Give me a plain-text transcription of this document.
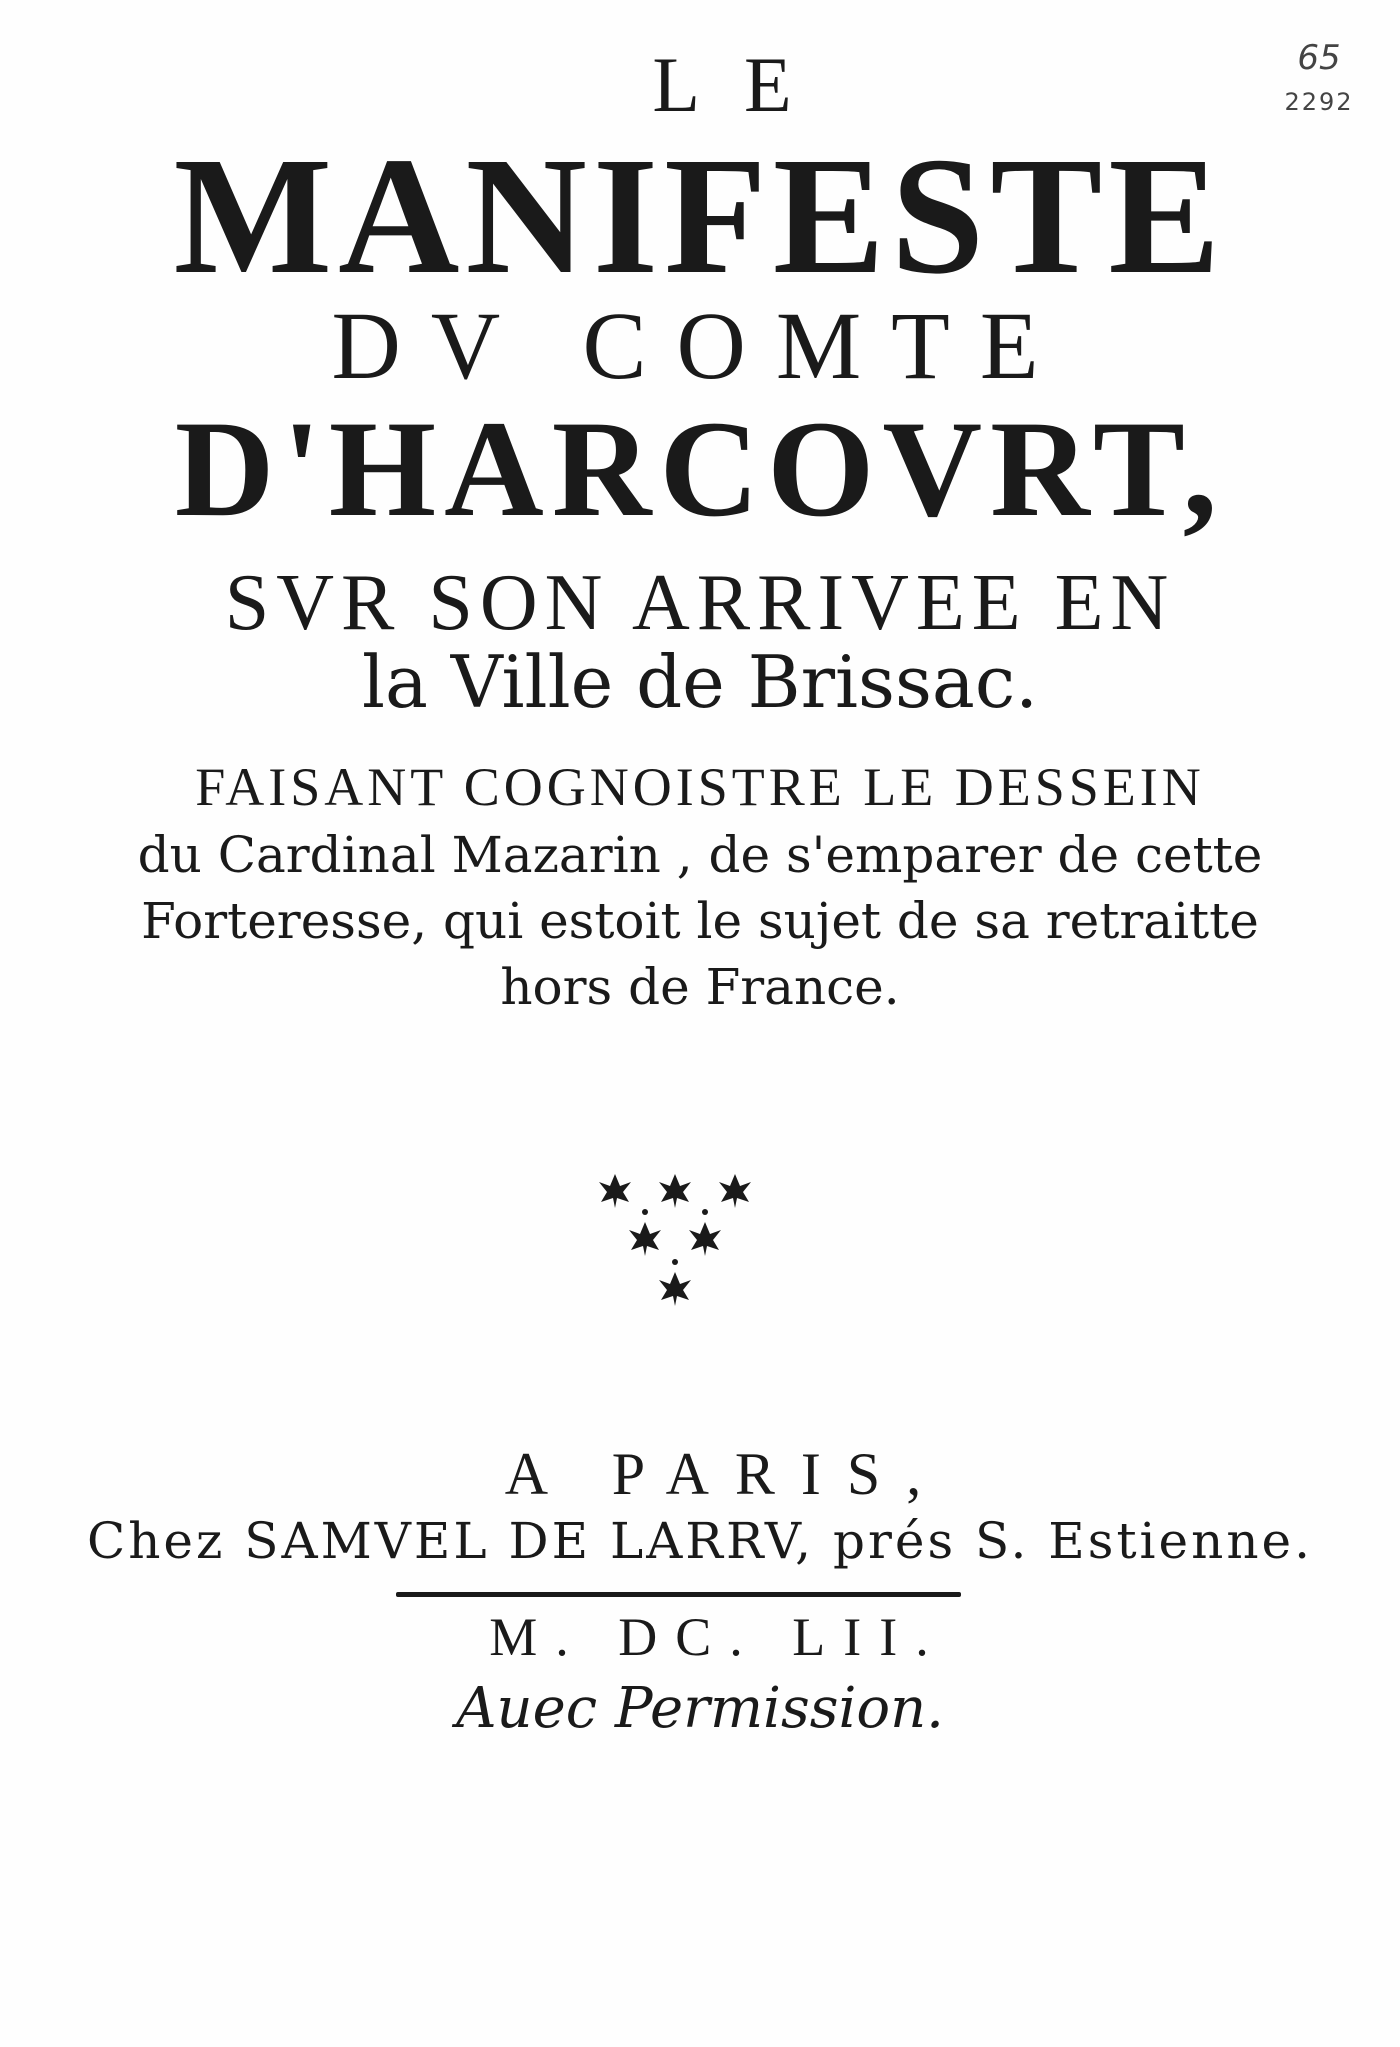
65
2292
LE
MANIFESTE
DV COMTE
D'HARCOVRT,
SVR SON ARRIVEE EN
la Ville de Brissac.
FAISANT COGNOISTRE LE DESSEIN
du Cardinal Mazarin , de s'emparer de cette
Forteresse, qui estoit le sujet de sa retraitte
hors de France.
A PARIS,
Chez SAMVEL DE LARRV, prés S. Estienne.
M. DC. LII.
Auec Permission.
